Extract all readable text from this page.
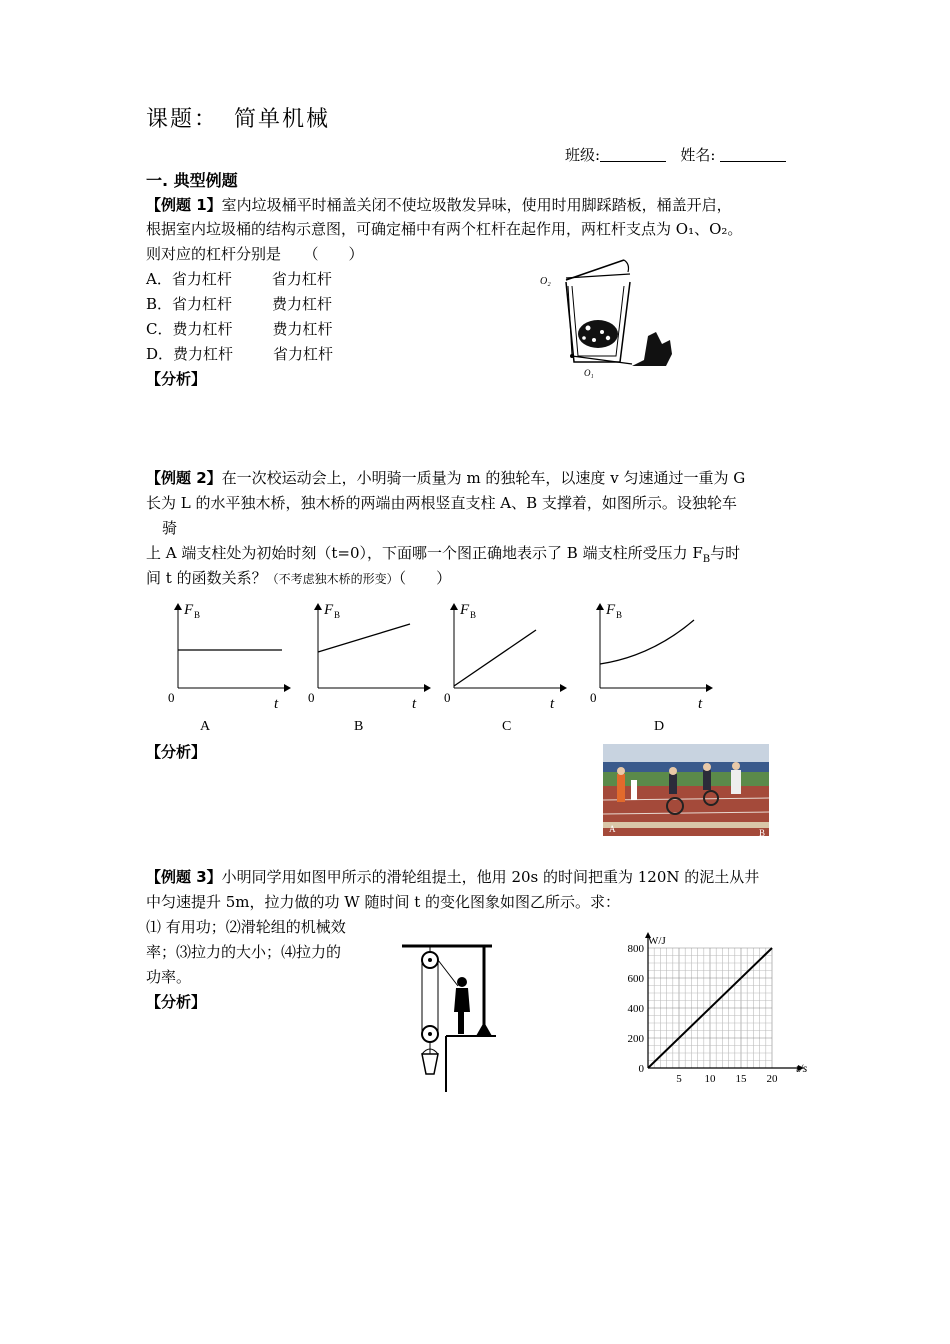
课题： 简单机械
班级:	姓名:
一. 典型例题
【例题 1】室内垃圾桶平时桶盖关闭不使垃圾散发异味，使用时用脚踩踏板，桶盖开启，
根据室内垃圾桶的结构示意图，可确定桶中有两个杠杆在起作用，两杠杆支点为 O₁、O₂。
则对应的杠杆分别是　　（　　）
A．省力杠杆	省力杠杆
B．省力杠杆	费力杠杆
C．费力杠杆	费力杠杆
D．费力杠杆	省力杠杆
【分析】
O₂
O₁
【例题 2】在一次校运动会上，小明骑一质量为 m 的独轮车，以速度 v 匀速通过一重为 G
长为 L 的水平独木桥，独木桥的两端由两根竖直支柱 A、B 支撑着，如图所示。设独轮车
骑
上 A 端支柱处为初始时刻（t=0），下面哪一个图正确地表示了 B 端支柱所受压力 $F_B$与时
间 t 的函数关系？（不考虑独木桥的形变）（　　）
F B
0	t
A
F B
0	t
B
F B
0	t
C
F B
0	t
D
【分析】
A	B
【例题 3】小明同学用如图甲所示的滑轮组提土，他用 20s 的时间把重为 120N 的泥土从井
中匀速提升 5m，拉力做的功 W 随时间 t 的变化图象如图乙所示。求：
⑴ 有用功；⑵滑轮组的机械效
率；⑶拉力的大小；⑷拉力的
功率。
【分析】
0
200
400
600
800
5 10 15 20
W/J
t/s
